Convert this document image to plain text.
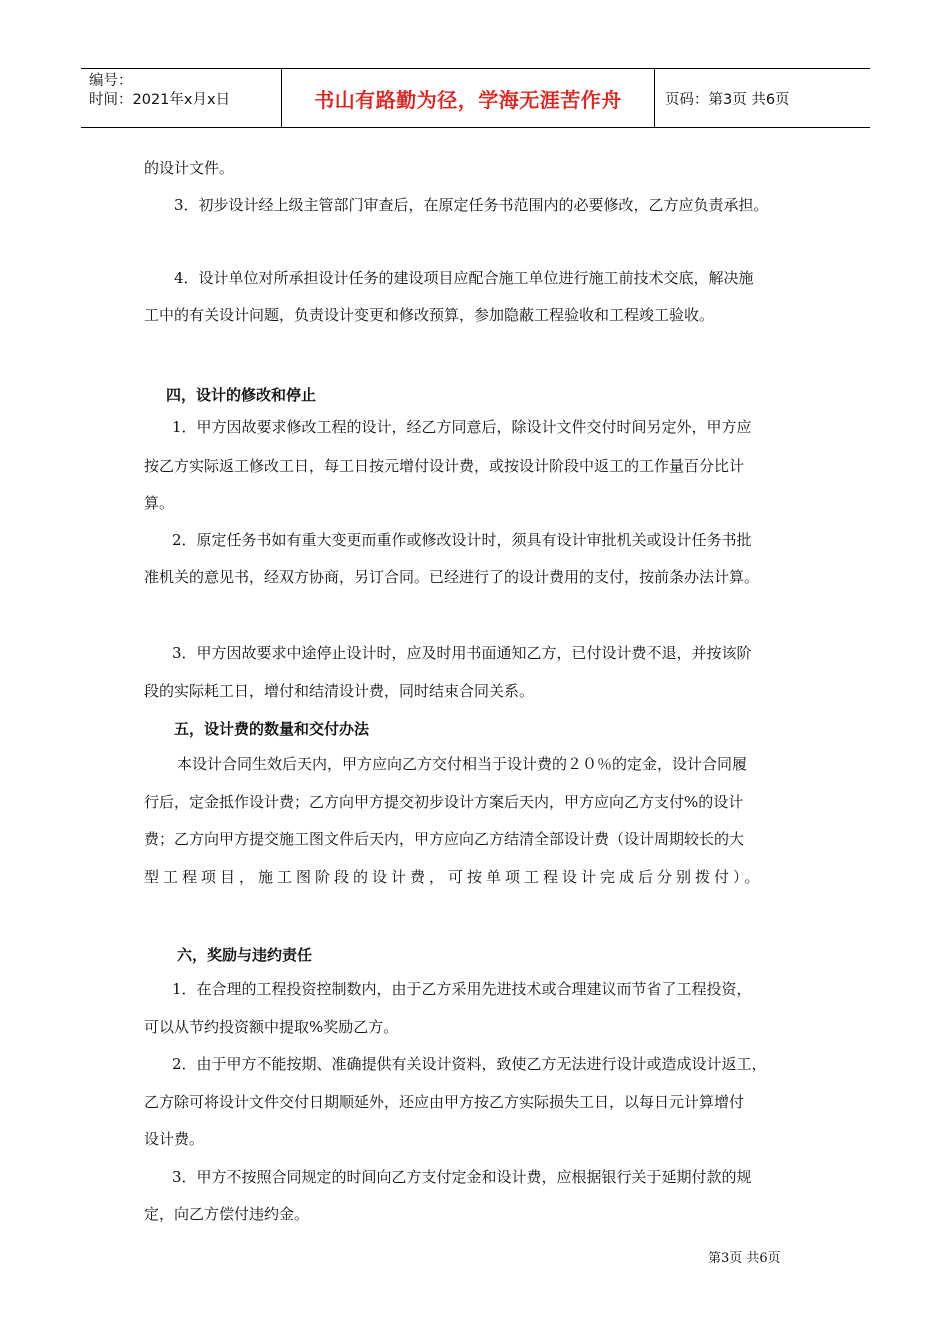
编号：
时间：2021年x月x日	书山有路勤为径，学海无涯苦作舟	页码：第3页 共6页
的设计文件。
3．初步设计经上级主管部门审查后，在原定任务书范围内的必要修改，乙方应负责承担。
4．设计单位对所承担设计任务的建设项目应配合施工单位进行施工前技术交底，解决施
工中的有关设计问题，负责设计变更和修改预算，参加隐蔽工程验收和工程竣工验收。
四，设计的修改和停止
1．甲方因故要求修改工程的设计，经乙方同意后，除设计文件交付时间另定外，甲方应
按乙方实际返工修改工日，每工日按元增付设计费，或按设计阶段中返工的工作量百分比计
算。
2．原定任务书如有重大变更而重作或修改设计时，须具有设计审批机关或设计任务书批
准机关的意见书，经双方协商，另订合同。已经进行了的设计费用的支付，按前条办法计算。
3．甲方因故要求中途停止设计时，应及时用书面通知乙方，已付设计费不退，并按该阶
段的实际耗工日，增付和结清设计费，同时结束合同关系。
五，设计费的数量和交付办法
本设计合同生效后天内，甲方应向乙方交付相当于设计费的２０％的定金，设计合同履
行后，定金抵作设计费；乙方向甲方提交初步设计方案后天内，甲方应向乙方支付%的设计
费；乙方向甲方提交施工图文件后天内，甲方应向乙方结清全部设计费（设计周期较长的大
型工程项目，施工图阶段的设计费，可按单项工程设计完成后分别拨付）。
六，奖励与违约责任
1．在合理的工程投资控制数内，由于乙方采用先进技术或合理建议而节省了工程投资，
可以从节约投资额中提取%奖励乙方。
2．由于甲方不能按期、准确提供有关设计资料，致使乙方无法进行设计或造成设计返工，
乙方除可将设计文件交付日期顺延外，还应由甲方按乙方实际损失工日，以每日元计算增付
设计费。
3．甲方不按照合同规定的时间向乙方支付定金和设计费，应根据银行关于延期付款的规
定，向乙方偿付违约金。
第3页 共6页
